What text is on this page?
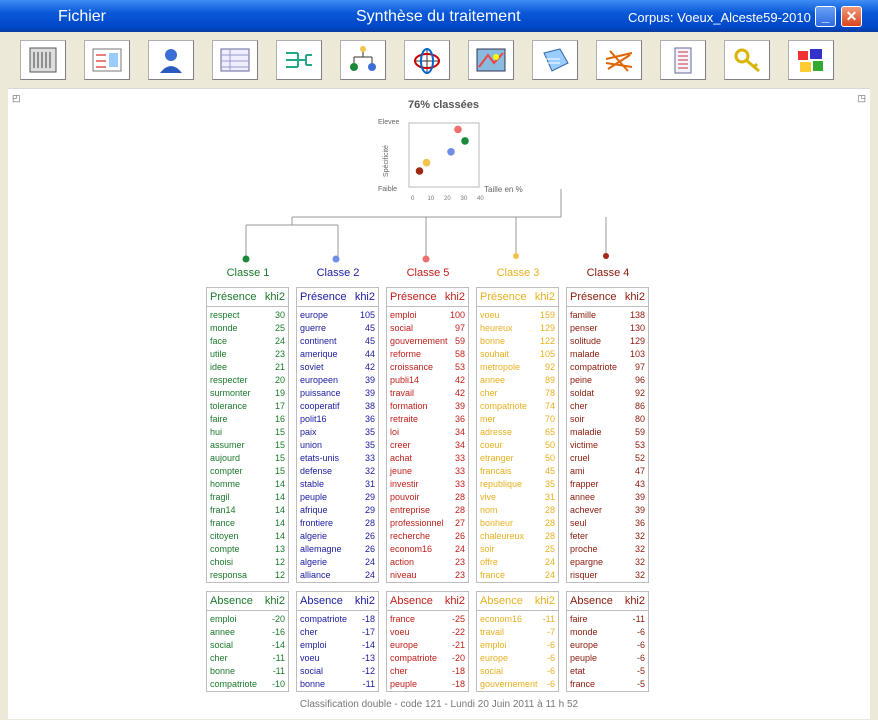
Fichier	Synthèse du traitement	Corpus: Voeux_Alceste59-2010 _	✕
◰	◳
76% classées
Elevee
Faible
Spécificité
Taille en %
0 10 20 30 40
Classe 1
Présence khi2
respect	30
monde	25
face	24
utile	23
idee	21
respecter	20
surmonter	19
tolerance	17
faire	16
hui	15
assumer	15
aujourd	15
compter	15
homme	14
fragil	14
fran14	14
france	14
citoyen	14
compte	13
choisi	12
responsa	12
Absence khi2
emploi	-20
annee	-16
social	-14
cher	-11
bonne	-11
compatriote -10
Classe 2
Présence khi2
europe	105
guerre	45
continent	45
amerique	44
soviet	42
europeen	39
puissance	39
cooperatif	38
polit16	36
paix	35
union	35
etats-unis	33
defense	32
stable	31
peuple	29
afrique	29
frontiere	28
algerie	26
allemagne	26
algerie	24
alliance	24
Absence khi2
compatriote -18
cher	-17
emploi	-14
voeu	-13
social	-12
bonne	-11
Classe 5
Présence khi2
emploi	100
social	97
gouvernement 59
reforme	58
croissance 53
publi14	42
travail	42
formation	39
retraite	36
loi	34
creer	34
achat	33
jeune	33
investir	33
pouvoir	28
entreprise	28
professionnel 27
recherche	26
econom16	24
action	23
niveau	23
Absence khi2
france	-25
voeu	-22
europe	-21
compatriote -20
cher	-18
peuple	-18
Classe 3
Présence khi2
voeu	159
heureux	129
bonne	122
souhait	105
metropole	92
annee	89
cher	78
compatriote 74
mer	70
adresse	65
coeur	50
etranger	50
francais	45
republique	35
vive	31
nom	28
bonheur	28
chaleureux 28
soir	25
offre	24
france	24
Absence khi2
econom16 -11
travail	-7
emploi	-6
europe	-6
social	-6
gouvernement -6
Classe 4
Présence khi2
famille	138
penser	130
solitude	129
malade	103
compatriote 97
peine	96
soldat	92
cher	86
soir	80
maladie	59
victime	53
cruel	52
ami	47
frapper	43
annee	39
achever	39
seul	36
feter	32
proche	32
epargne	32
risquer	32
Absence khi2
faire	-11
monde	-6
europe	-6
peuple	-6
etat	-5
france	-5
Classification double - code 121 - Lundi 20 Juin 2011 à 11 h 52
